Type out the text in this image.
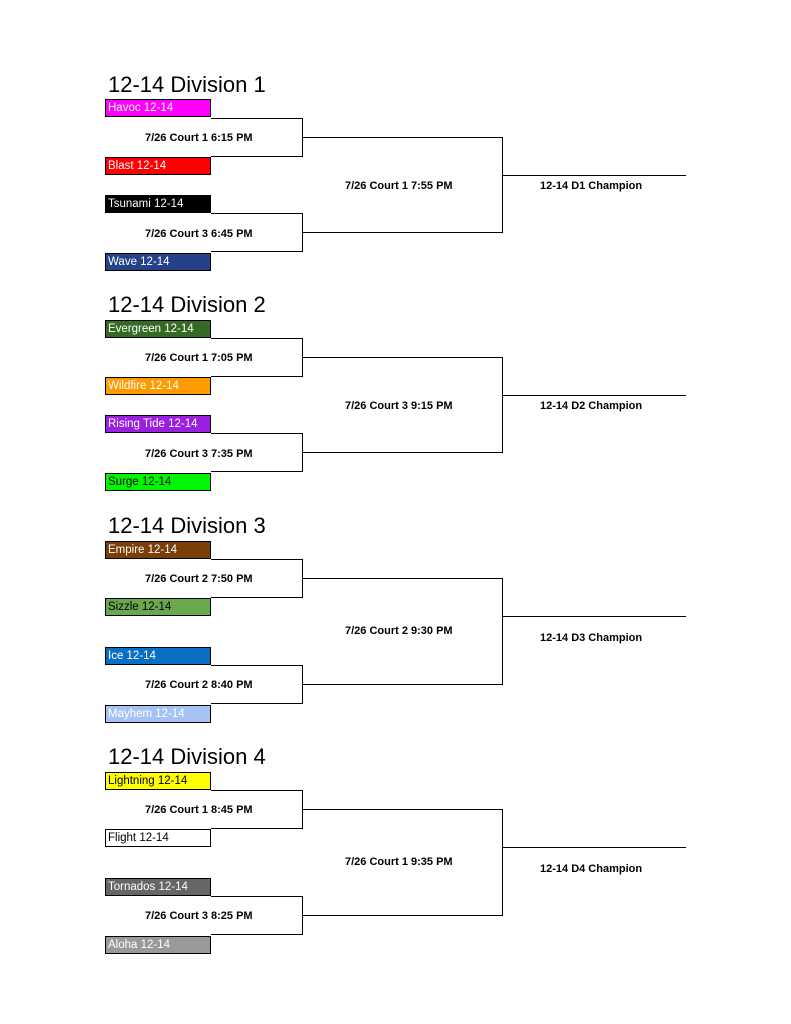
12-14 Division 1
Havoc 12-14
7/26 Court 1 6:15 PM
Blast 12-14
Tsunami 12-14
7/26 Court 3 6:45 PM
Wave 12-14
7/26 Court 1 7:55 PM	12-14 D1 Champion
12-14 Division 2
Evergreen 12-14
7/26 Court 1 7:05 PM
Wildfire 12-14
Rising Tide 12-14
7/26 Court 3 7:35 PM
Surge 12-14
7/26 Court 3 9:15 PM	12-14 D2 Champion
12-14 Division 3
Empire 12-14
7/26 Court 2 7:50 PM
Sizzle 12-14
Ice 12-14
7/26 Court 2 8:40 PM
Mayhem 12-14
7/26 Court 2 9:30 PM
12-14 D3 Champion
12-14 Division 4
Lightning 12-14
7/26 Court 1 8:45 PM
Flight 12-14
Tornados 12-14
7/26 Court 3 8:25 PM
Aloha 12-14
7/26 Court 1 9:35 PM
12-14 D4 Champion
